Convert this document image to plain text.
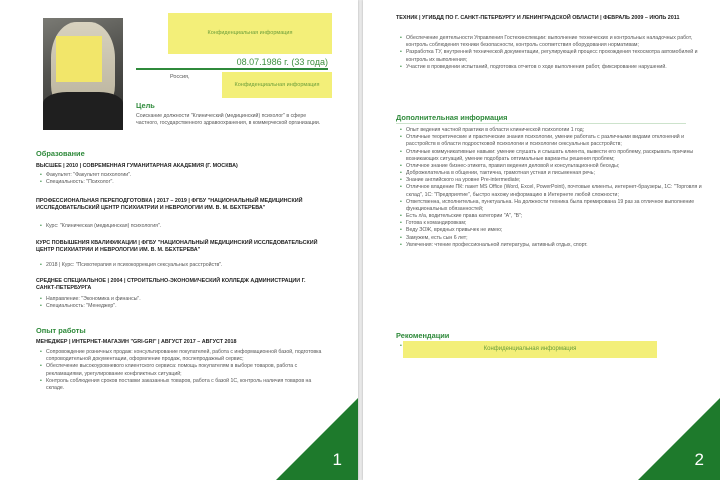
Конфиденциальная информация
08.07.1986 г. (33 года)
Россия,
Конфиденциальная информация
Цель
Соискание должности "Клинический (медицинский) психолог" в сфере частного, государственного здравоохранения, в коммерческой организации.
Образование
ВЫСШЕЕ | 2010 | СОВРЕМЕННАЯ ГУМАНИТАРНАЯ АКАДЕМИЯ (Г. МОСКВА)
• Факультет: "Факультет психологии".
• Специальность: "Психолог".
ПРОФЕССИОНАЛЬНАЯ ПЕРЕПОДГОТОВКА | 2017 – 2019 | ФГБУ "НАЦИОНАЛЬНЫЙ МЕДИЦИНСКИЙ ИССЛЕДОВАТЕЛЬСКИЙ ЦЕНТР ПСИХИАТРИИ И НЕВРОЛОГИИ ИМ. В. М. БЕХТЕРЕВА"
• Курс: "Клиническая (медицинская) психология".
КУРС ПОВЫШЕНИЯ КВАЛИФИКАЦИИ | ФГБУ "НАЦИОНАЛЬНЫЙ МЕДИЦИНСКИЙ ИССЛЕДОВАТЕЛЬСКИЙ ЦЕНТР ПСИХИАТРИИ И НЕВРОЛОГИИ ИМ. В. М. БЕХТЕРЕВА"
• 2018 | Курс: "Психотерапия и психокоррекция сексуальных расстройств".
СРЕДНЕЕ СПЕЦИАЛЬНОЕ | 2004 | СТРОИТЕЛЬНО-ЭКОНОМИЧЕСКИЙ КОЛЛЕДЖ АДМИНИСТРАЦИИ Г. САНКТ-ПЕТЕРБУРГА
• Направление: "Экономика и финансы".
• Специальность: "Менеджер".
Опыт работы
МЕНЕДЖЕР | ИНТЕРНЕТ-МАГАЗИН "GRI-GRI" | АВГУСТ 2017 – АВГУСТ 2018
• Сопровождение розничных продаж: консультирование покупателей, работа с информационной базой, подготовка сопроводительной документации, оформление продаж, послепродажный сервис;
• Обеспечение высокоуровневого клиентского сервиса: помощь покупателям в выборе товаров, работа с рекламациями, урегулирование конфликтных ситуаций;
• Контроль соблюдения сроков поставки заказанных товаров, работа с базой 1С, контроль наличия товаров на складе.
1
ТЕХНИК | УГИБДД ПО Г. САНКТ-ПЕТЕРБУРГУ И ЛЕНИНГРАДСКОЙ ОБЛАСТИ | ФЕВРАЛЬ 2009 – ИЮЛЬ 2011
• Обеспечение деятельности Управления Гостехинспекции: выполнение технических и контрольных наладочных работ, контроль соблюдения техники безопасности, контроль соответствия оборудования нормативам;
• Разработка ТУ, внутренней технической документации, регулирующей процесс прохождения техосмотра автомобилей и контроль их выполнения;
• Участие в проведении испытаний, подготовка отчетов о ходе выполнения работ, фиксирование нарушений.
Дополнительная информация
• Опыт ведения частной практики в области клинической психологии 1 год;
• Отличные теоретические и практические знания психологии, умение работать с различными видами отклонений и расстройств в области подростковой психологии и психологии сексуальных расстройств;
• Отличные коммуникативные навыки: умение слушать и слышать клиента, вывести его проблему, раскрывать причины возникающих ситуаций, умение подобрать оптимальные варианты решения проблем;
• Отличное знание бизнес-этикета, правил ведения деловой и консультационной беседы;
• Доброжелательна в общении, тактична, грамотная устная и письменная речь;
• Знание английского на уровне Pre-intermediate;
• Отличное владение ПК: пакет MS Office (Word, Excel, PowerPoint), почтовые клиенты, интернет-браузеры, 1С: "Торговля и склад", 1С: "Предприятие", быстро нахожу информацию в Интернете любой сложности;
• Ответственна, исполнительна, пунктуальна. На должности техника была премирована 19 раз за отличное выполнение функциональных обязанностей;
• Есть л/а, водительские права категории "А", "В";
• Готова к командировкам;
• Веду ЗОЖ, вредных привычек не имею;
• Замужем, есть сын 6 лет;
• Увлечения: чтение профессиональной литературы, активный отдых, спорт.
Рекомендации
•
Конфиденциальная информация
2
